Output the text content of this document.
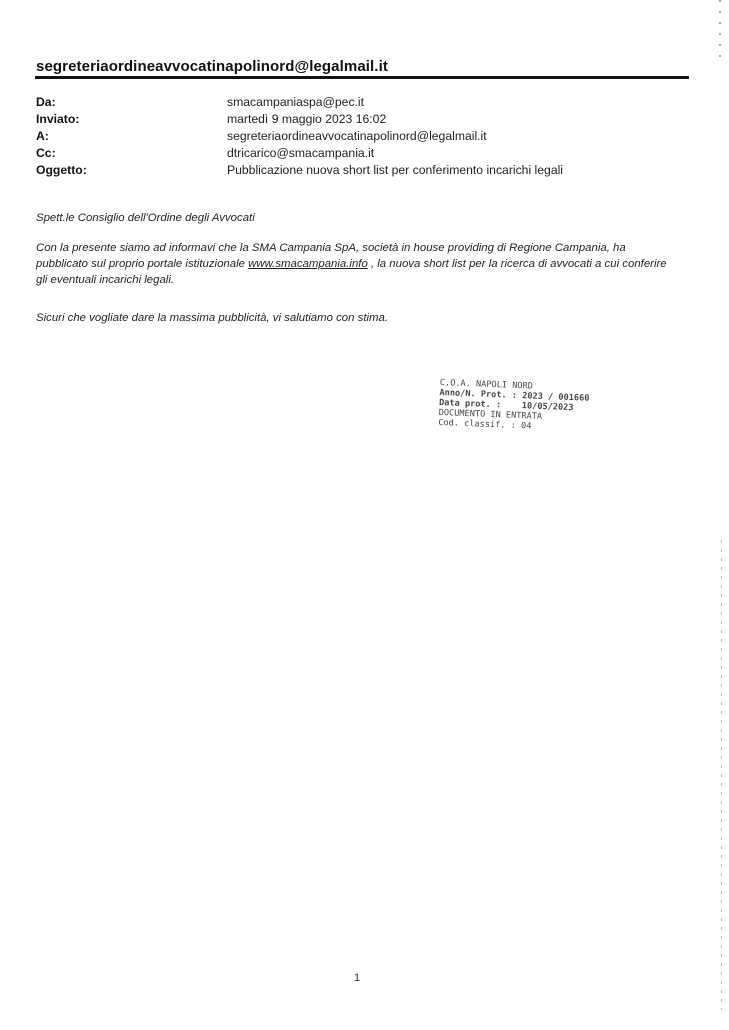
segreteriaordineavvocatinapolinord@legalmail.it
Da:	smacampaniaspa@pec.it
Inviato:	martedì 9 maggio 2023 16:02
A:	segreteriaordineavvocatinapolinord@legalmail.it
Cc:	dtricarico@smacampania.it
Oggetto:	Pubblicazione nuova short list per conferimento incarichi legali
Spett.le Consiglio dell'Ordine degli Avvocati
Con la presente siamo ad informavi che la SMA Campania SpA, società in house providing di Regione Campania, ha pubblicato sul proprio portale istituzionale www.smacampania.info , la nuova short list per la ricerca di avvocati a cui conferire gli eventuali incarichi legali.
Sicuri che vogliate dare la massima pubblicità, vi salutiamo con stima.
C.O.A. NAPOLI NORD
Anno/N. Prot. : 2023 / 001660
Data prot. :    10/05/2023
DOCUMENTO IN ENTRATA
Cod. classif. : 04
1
